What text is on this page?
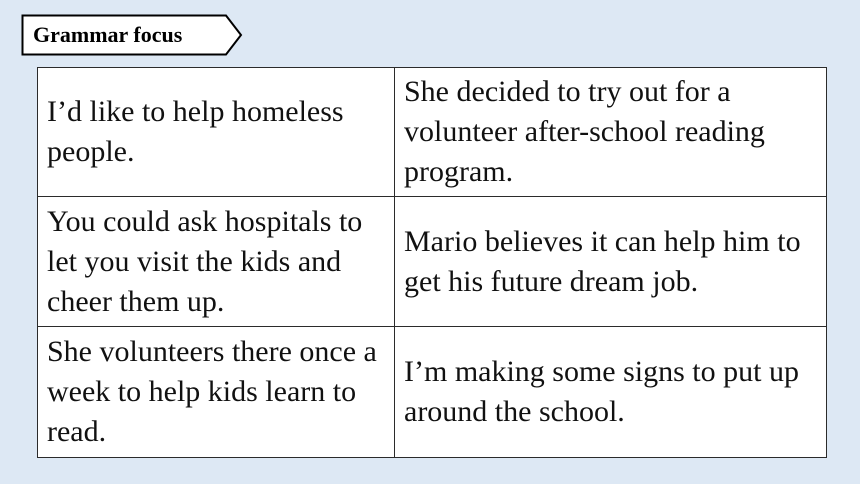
Grammar focus
I’d like to help homeless people.	She decided to try out for a volunteer after-school reading program.
You could ask hospitals to let you visit the kids and cheer them up.	Mario believes it can help him to get his future dream job.
She volunteers there once a week to help kids learn to read.	I’m making some signs to put up around the school.
